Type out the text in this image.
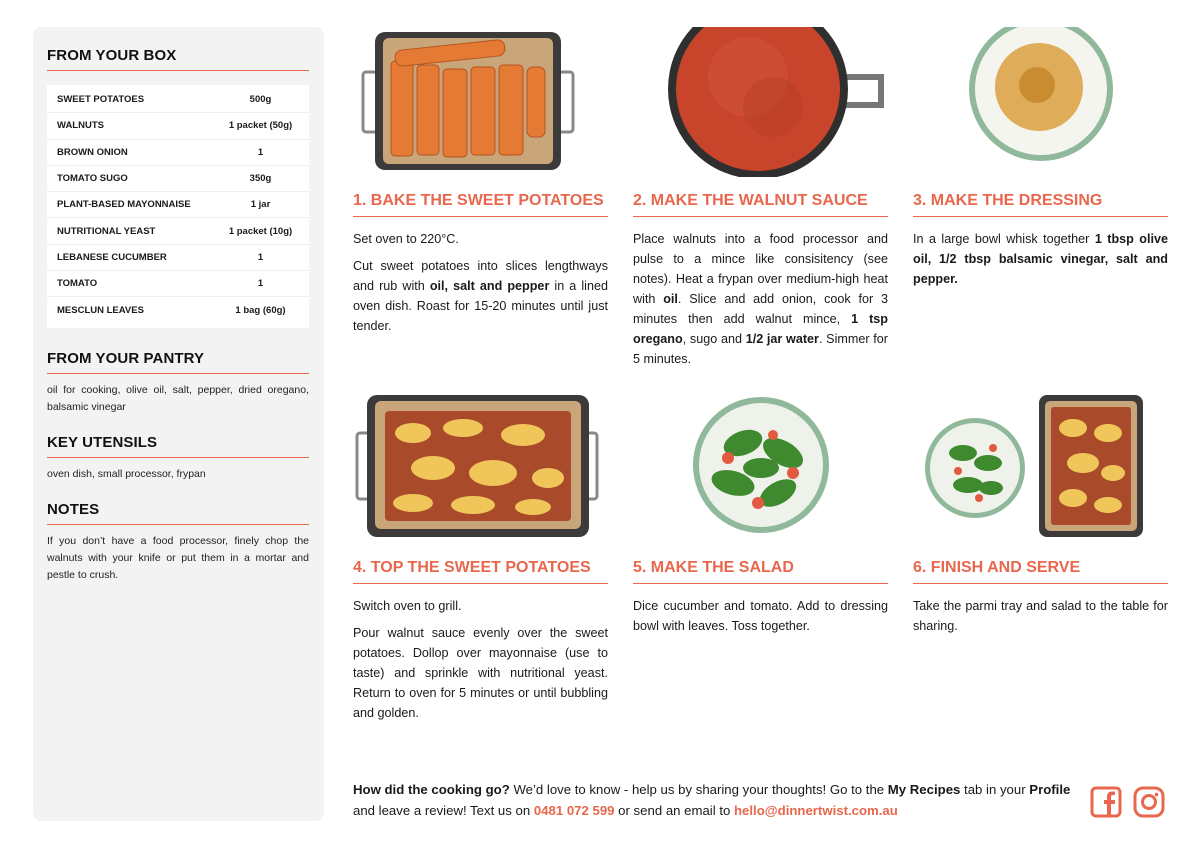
FROM YOUR BOX
SWEET POTATOES	500g
WALNUTS	1 packet (50g)
BROWN ONION	1
TOMATO SUGO	350g
PLANT-BASED MAYONNAISE	1 jar
NUTRITIONAL YEAST	1 packet (10g)
LEBANESE CUCUMBER	1
TOMATO	1
MESCLUN LEAVES	1 bag (60g)
FROM YOUR PANTRY
oil for cooking, olive oil, salt, pepper, dried oregano, balsamic vinegar
KEY UTENSILS
oven dish, small processor, frypan
NOTES
If you don’t have a food processor, finely chop the walnuts with your knife or put them in a mortar and pestle to crush.
1. BAKE THE SWEET POTATOES

Set oven to 220°C.

Cut sweet potatoes into slices lengthways and rub with oil, salt and pepper in a lined oven dish. Roast for 15-20 minutes until just tender.

2. MAKE THE WALNUT SAUCE

Place walnuts into a food processor and pulse to a mince like consisitency (see notes). Heat a frypan over medium-high heat with oil. Slice and add onion, cook for 3 minutes then add walnut mince, 1 tsp oregano, sugo and 1/2 jar water. Simmer for 5 minutes.

3. MAKE THE DRESSING

In a large bowl whisk together 1 tbsp olive oil, 1/2 tbsp balsamic vinegar, salt and pepper.

4. TOP THE SWEET POTATOES

Switch oven to grill.

Pour walnut sauce evenly over the sweet potatoes. Dollop over mayonnaise (use to taste) and sprinkle with nutritional yeast. Return to oven for 5 minutes or until bubbling and golden.

5. MAKE THE SALAD

Dice cucumber and tomato. Add to dressing bowl with leaves. Toss together.

6. FINISH AND SERVE

Take the parmi tray and salad to the table for sharing.

How did the cooking go? We’d love to know - help us by sharing your thoughts! Go to the My Recipes tab in your Profile and leave a review! Text us on 0481 072 599 or send an email to hello@dinnertwist.com.au
